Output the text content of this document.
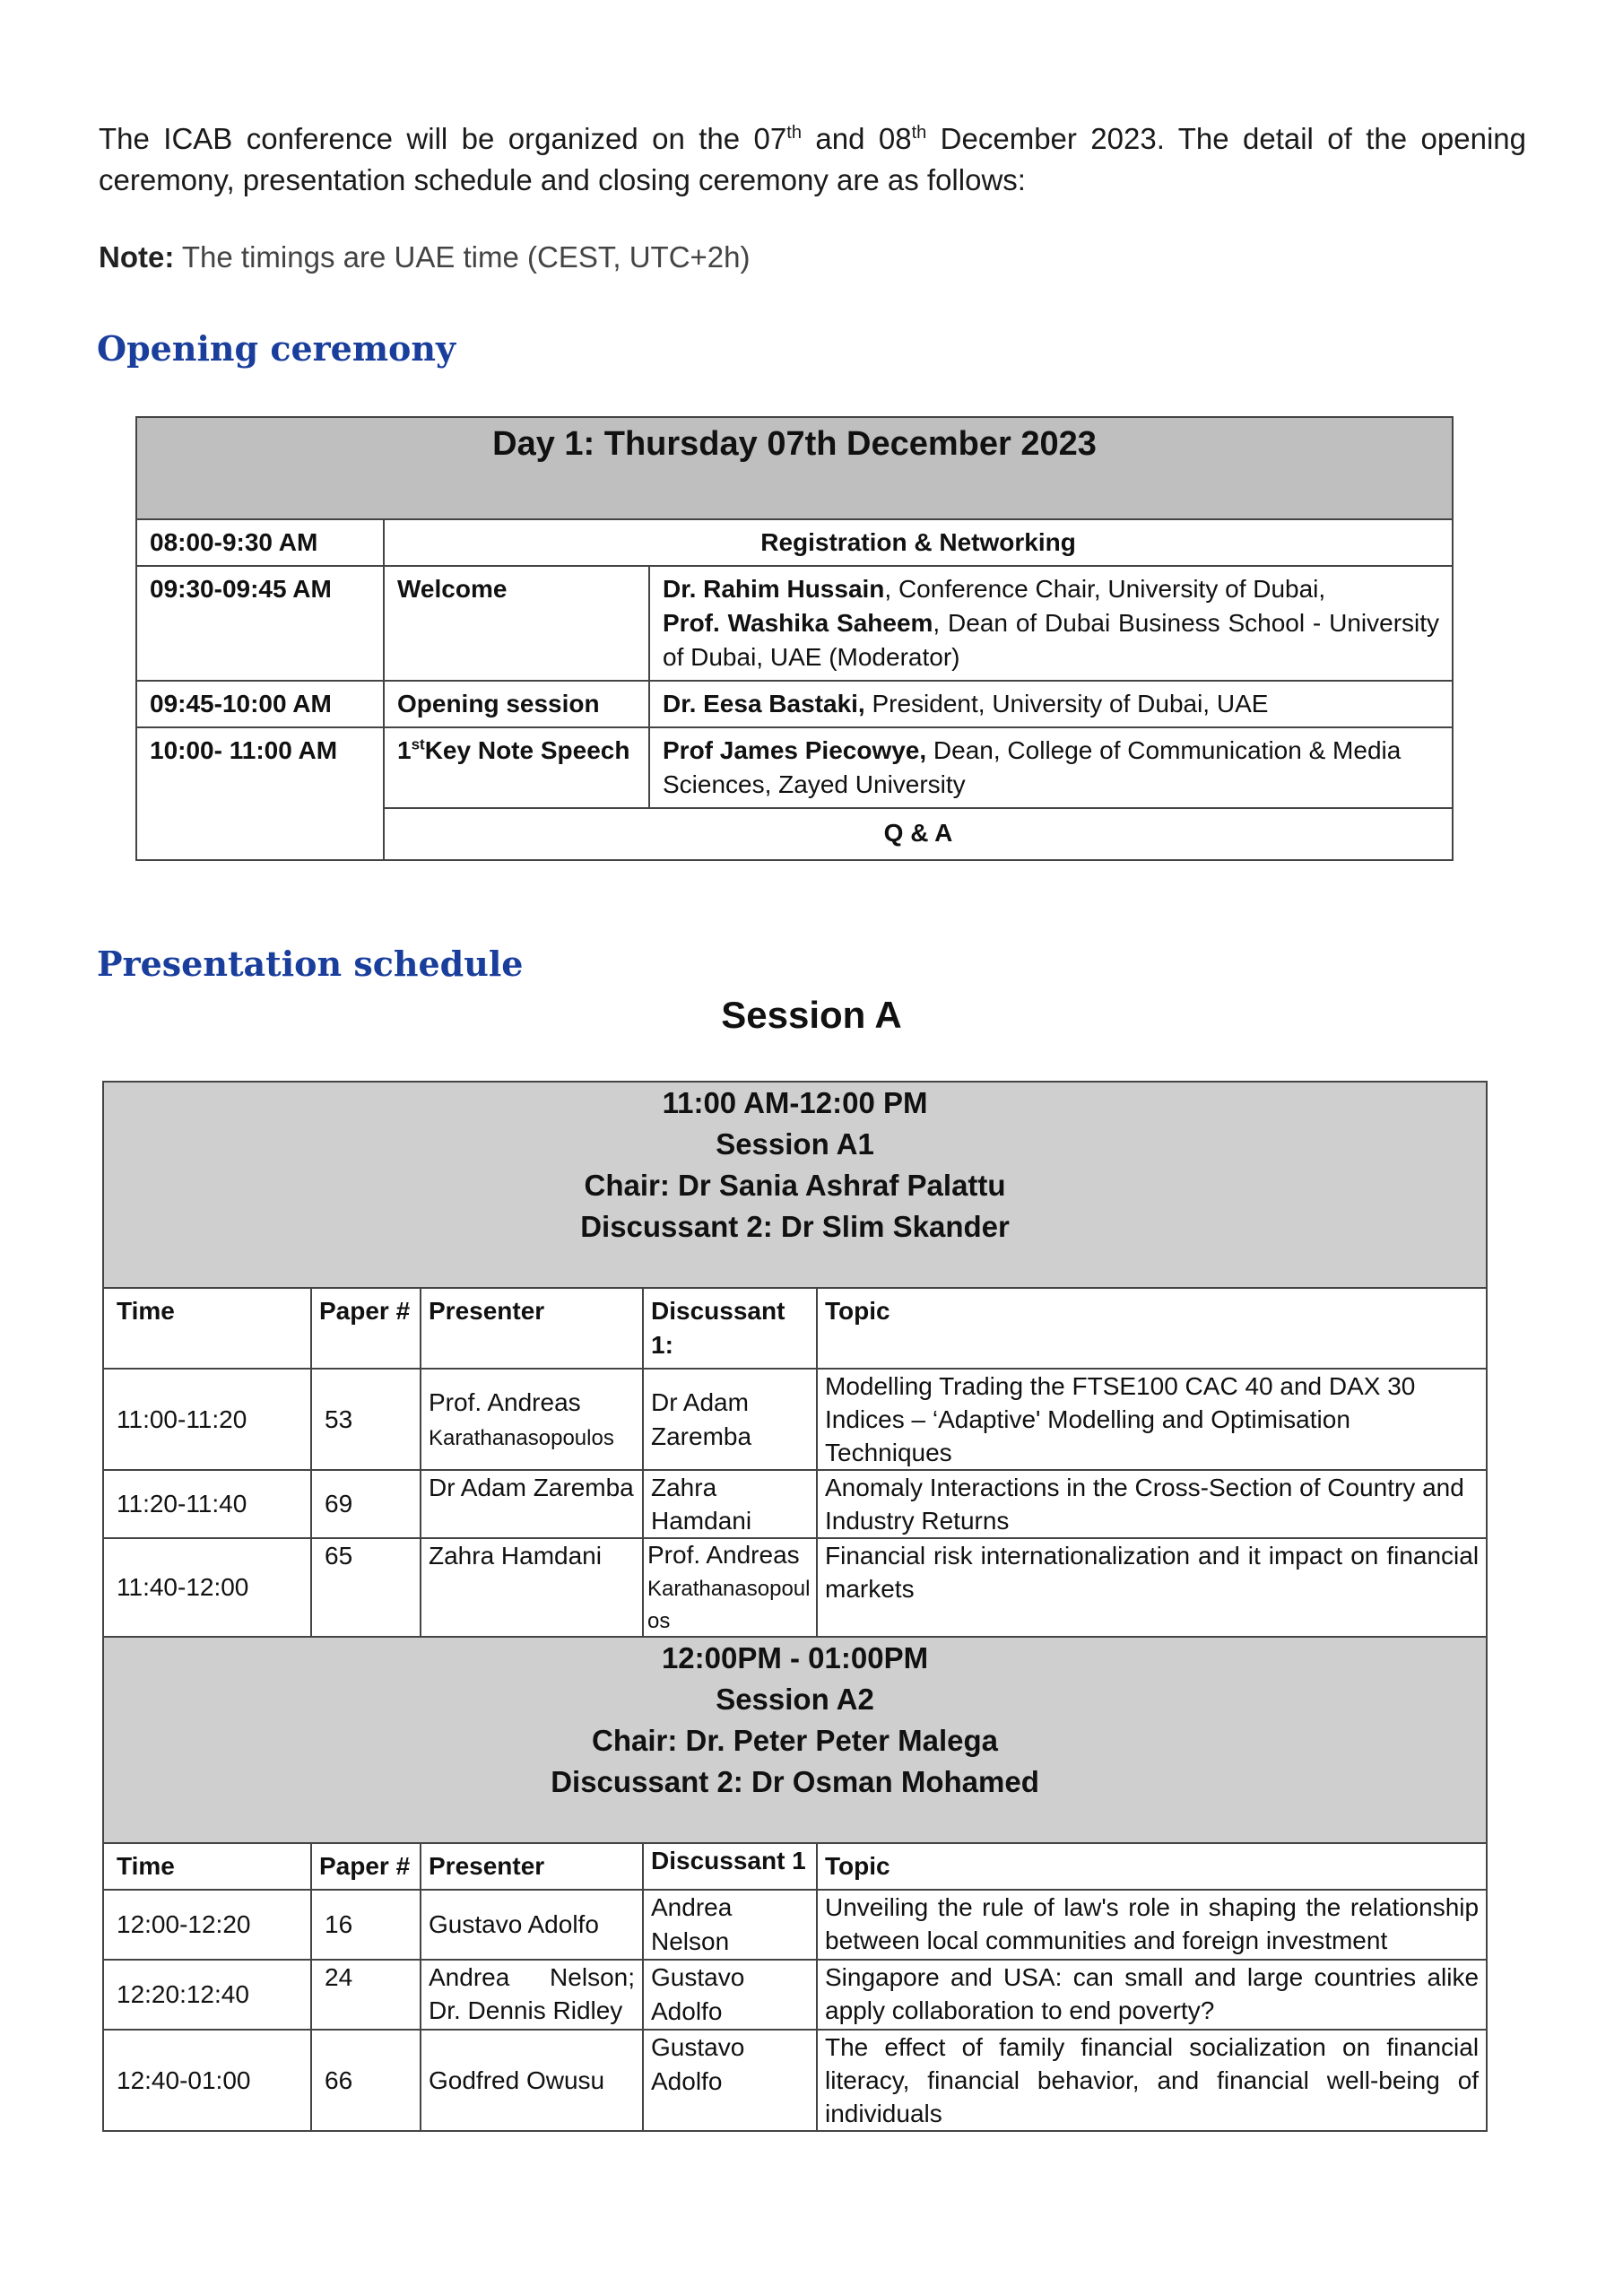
The ICAB conference will be organized on the 07th and 08th December 2023. The detail of the opening ceremony, presentation schedule and closing ceremony are as follows:
Note: The timings are UAE time (CEST, UTC+2h)
Opening ceremony
Day 1: Thursday 07th December 2023		
08:00-9:30 AM	Registration & Networking	
09:30-09:45 AM	Welcome	Dr. Rahim Hussain, Conference Chair, University of Dubai,
Prof. Washika Saheem, Dean of Dubai Business School - University of Dubai, UAE (Moderator)
09:45-10:00 AM	Opening session	Dr. Eesa Bastaki, President, University of Dubai, UAE
10:00- 11:00 AM	1stKey Note Speech	Prof James Piecowye, Dean, College of Communication & Media Sciences, Zayed University
	Q & A	
Presentation schedule
Session A
11:00 AM-12:00 PM
Session A1
Chair: Dr Sania Ashraf Palattu
Discussant 2: Dr Slim Skander				

Time	Paper #	Presenter	Discussant 1:	Topic
11:00-11:20	53	Prof. Andreas
Karathanasopoulos	Dr Adam Zaremba	Modelling Trading the FTSE100 CAC 40 and DAX 30 Indices – ‘Adaptive' Modelling and Optimisation Techniques
11:20-11:40	69	Dr Adam Zaremba	Zahra Hamdani	Anomaly Interactions in the Cross-Section of Country and Industry Returns
11:40-12:00	65	Zahra Hamdani	Prof. Andreas
Karathanasopoulos	Financial risk internationalization and it impact on financial markets

12:00PM - 01:00PM
Session A2
Chair: Dr. Peter Peter Malega
Discussant 2: Dr Osman Mohamed				

Time	Paper #	Presenter	Discussant 1	Topic
12:00-12:20	16	Gustavo Adolfo	Andrea Nelson	Unveiling the rule of law's role in shaping the relationship between local communities and foreign investment
12:20:12:40	24	Andrea Nelson; Dr. Dennis Ridley	Gustavo Adolfo	Singapore and USA: can small and large countries alike apply collaboration to end poverty?
12:40-01:00	66	Godfred Owusu	Gustavo Adolfo	The effect of family financial socialization on financial literacy, financial behavior, and financial well-being of individuals
